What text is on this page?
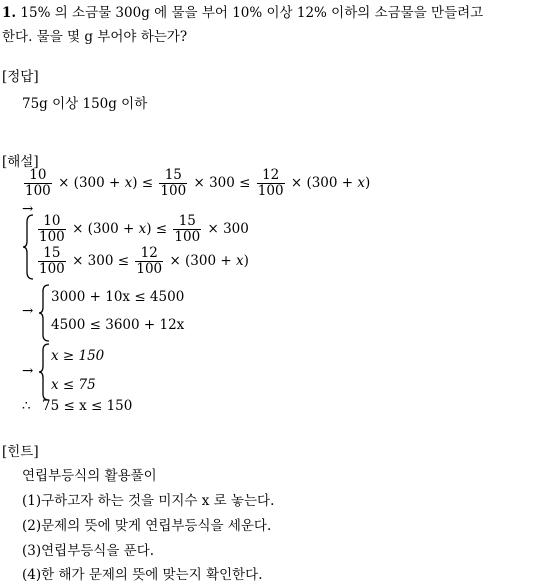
1. 15% 의 소금물 300g 에 물을 부어 10% 이상 12% 이하의 소금물을 만들려고
한다. 물을 몇 g 부어야 하는가?
[정답]
75g 이상 150g 이하
[해설]
$\frac{10}{100} \times (300 + x) \le \frac{15}{100} \times 300 \le \frac{12}{100} \times (300 + x)$
→
$\frac{10}{100} \times (300 + x) \le \frac{15}{100} \times 300$
$\frac{15}{100} \times 300 \le \frac{12}{100} \times (300 + x)$
→
3000 + 10x ≤ 4500
4500 ≤ 3600 + 12x
→
x ≥ 150
x ≤ 75
∴ 75 ≤ x ≤ 150
[힌트]
연립부등식의 활용풀이
(1)구하고자 하는 것을 미지수 x 로 놓는다.
(2)문제의 뜻에 맞게 연립부등식을 세운다.
(3)연립부등식을 푼다.
(4)한 해가 문제의 뜻에 맞는지 확인한다.
